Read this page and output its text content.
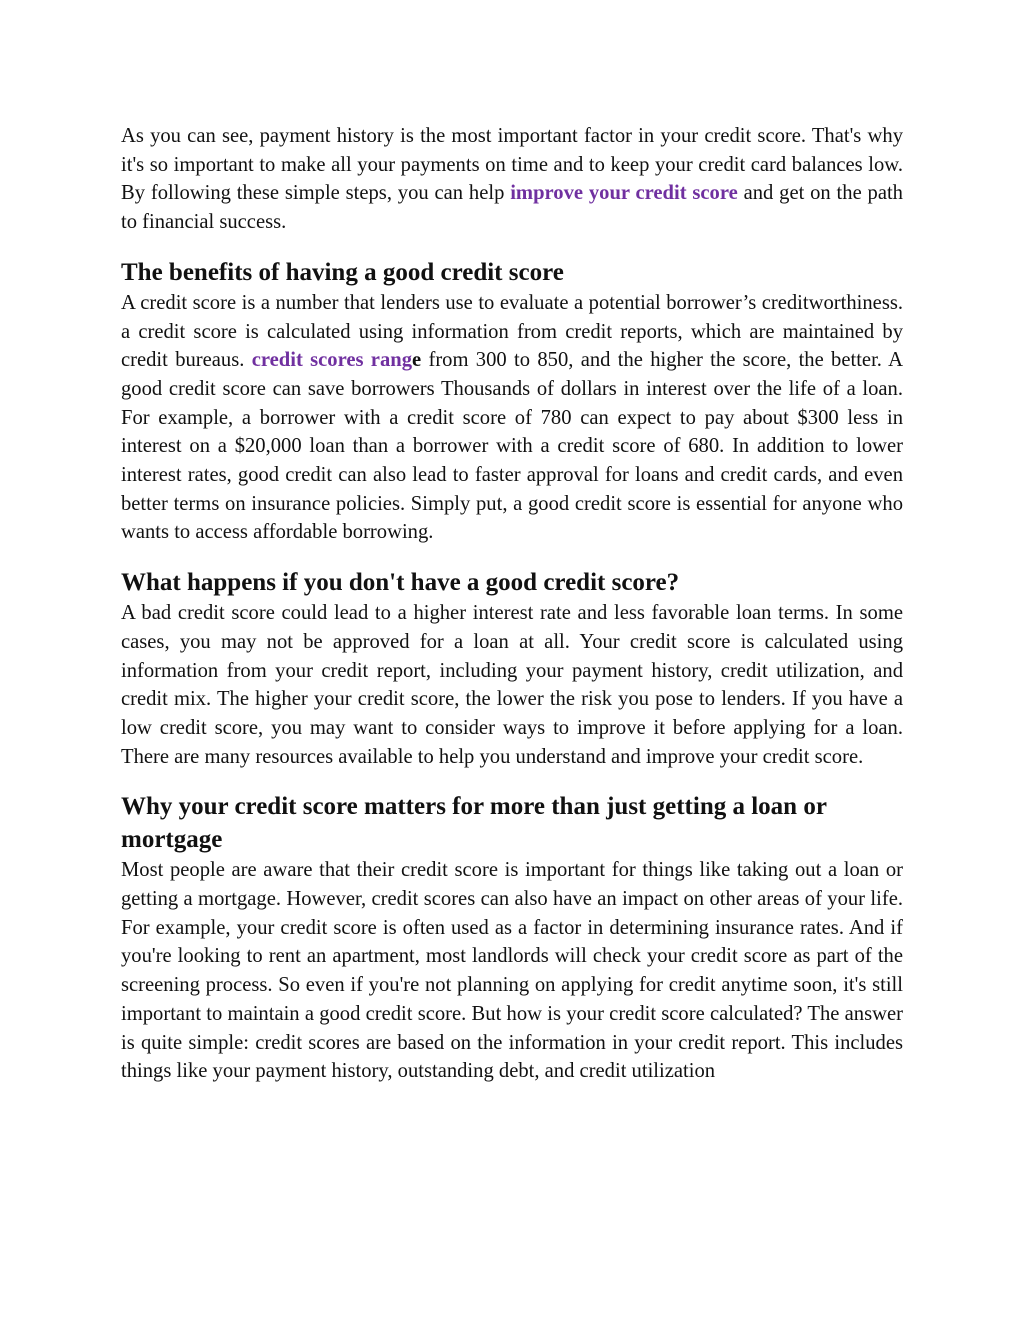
As you can see, payment history is the most important factor in your credit score. That's why it's so important to make all your payments on time and to keep your credit card balances low. By following these simple steps, you can help improve your credit score and get on the path to financial success.

The benefits of having a good credit score

A credit score is a number that lenders use to evaluate a potential borrower’s creditworthiness. a credit score is calculated using information from credit reports, which are maintained by credit bureaus. credit scores range from 300 to 850, and the higher the score, the better. A good credit score can save borrowers Thousands of dollars in interest over the life of a loan. For example, a borrower with a credit score of 780 can expect to pay about $300 less in interest on a $20,000 loan than a borrower with a credit score of 680. In addition to lower interest rates, good credit can also lead to faster approval for loans and credit cards, and even better terms on insurance policies. Simply put, a good credit score is essential for anyone who wants to access affordable borrowing.

What happens if you don't have a good credit score?

A bad credit score could lead to a higher interest rate and less favorable loan terms. In some cases, you may not be approved for a loan at all. Your credit score is calculated using information from your credit report, including your payment history, credit utilization, and credit mix. The higher your credit score, the lower the risk you pose to lenders. If you have a low credit score, you may want to consider ways to improve it before applying for a loan. There are many resources available to help you understand and improve your credit score.

Why your credit score matters for more than just getting a loan or mortgage

Most people are aware that their credit score is important for things like taking out a loan or getting a mortgage. However, credit scores can also have an impact on other areas of your life. For example, your credit score is often used as a factor in determining insurance rates. And if you're looking to rent an apartment, most landlords will check your credit score as part of the screening process. So even if you're not planning on applying for credit anytime soon, it's still important to maintain a good credit score. But how is your credit score calculated? The answer is quite simple: credit scores are based on the information in your credit report. This includes things like your payment history, outstanding debt, and credit utilization
